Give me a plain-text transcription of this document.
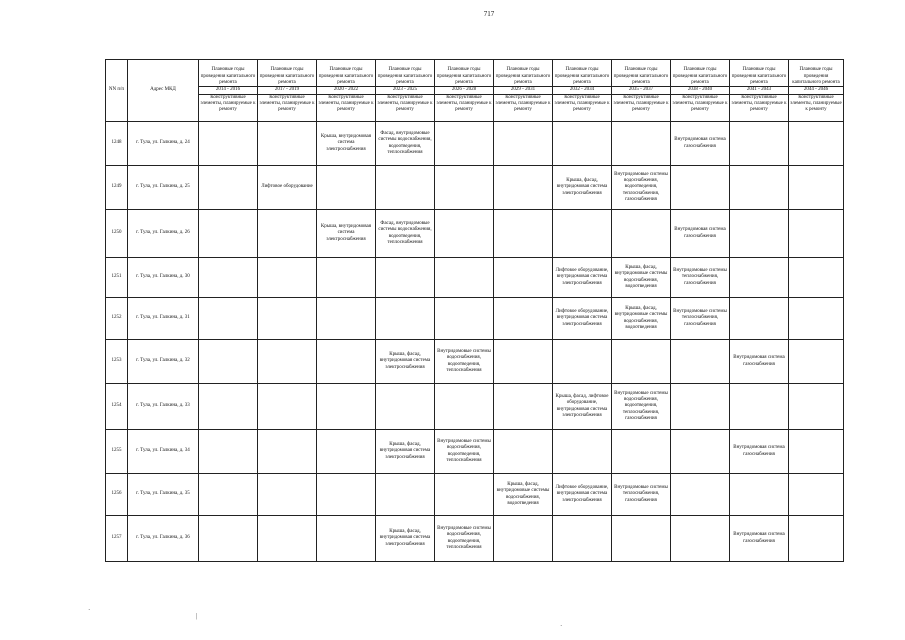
717
NN п/п	Адрес МКД	Плановые годы проведения капитального ремонта	Плановые годы проведения капитального ремонта	Плановые годы проведения капитального ремонта	Плановые годы проведения капитального ремонта	Плановые годы проведения капитального ремонта	Плановые годы проведения капитального ремонта	Плановые годы проведения капитального ремонта	Плановые годы проведения капитального ремонта	Плановые годы проведения капитального ремонта	Плановые годы проведения капитального ремонта	Плановые годы проведения капитального ремонта
		2014 - 2016	2017 - 2019	2020 - 2022	2023 - 2025	2026 - 2028	2029 - 2031	2032 - 2034	2035 - 2037	2038 - 2040	2041 - 2043	2044 - 2046
		Конструктивные элементы, планируемые к ремонту	Конструктивные элементы, планируемые к ремонту	Конструктивные элементы, планируемые к ремонту	Конструктивные элементы, планируемые к ремонту	Конструктивные элементы, планируемые к ремонту	Конструктивные элементы, планируемые к ремонту	Конструктивные элементы, планируемые к ремонту	Конструктивные элементы, планируемые к ремонту	Конструктивные элементы, планируемые к ремонту	Конструктивные элементы, планируемые к ремонту	Конструктивные элементы, планируемые к ремонту
1248	г. Тула, ул. Галкина, д. 24			Крыша, внутридомовая система электроснабжения	Фасад, внутридомовые системы водоснабжения, водоотведения, теплоснабжения					Внутридомовая система газоснабжения		
1249	г. Тула, ул. Галкина, д. 25		Лифтовое оборудование					Крыша, фасад, внутридомовая система электроснабжения	Внутридомовые системы водоснабжения, водоотведения, теплоснабжения, газоснабжения			
1250	г. Тула, ул. Галкина, д. 26			Крыша, внутридомовая система электроснабжения	Фасад, внутридомовые системы водоснабжения, водоотведения, теплоснабжения					Внутридомовая система газоснабжения		
1251	г. Тула, ул. Галкина, д. 30							Лифтовое оборудование, внутридомовая система электроснабжения	Крыша, фасад, внутридомовые системы водоснабжения, водоотведения	Внутридомовые системы теплоснабжения, газоснабжения		
1252	г. Тула, ул. Галкина, д. 31							Лифтовое оборудование, внутридомовая система электроснабжения	Крыша, фасад, внутридомовые системы водоснабжения, водоотведения	Внутридомовые системы теплоснабжения, газоснабжения		
1253	г. Тула, ул. Галкина, д. 32				Крыша, фасад, внутридомовая система электроснабжения	Внутридомовые системы водоснабжения, водоотведения, теплоснабжения					Внутридомовая система газоснабжения	
1254	г. Тула, ул. Галкина, д. 33							Крыша, фасад, лифтовое оборудование, внутридомовая система электроснабжения	Внутридомовые системы водоснабжения, водоотведения, теплоснабжения, газоснабжения			
1255	г. Тула, ул. Галкина, д. 34				Крыша, фасад, внутридомовая система электроснабжения	Внутридомовые системы водоснабжения, водоотведения, теплоснабжения					Внутридомовая система газоснабжения	
1256	г. Тула, ул. Галкина, д. 35						Крыша, фасад, внутридомовые системы водоснабжения, водоотведения	Лифтовое оборудование, внутридомовая система электроснабжения	Внутридомовые системы теплоснабжения, газоснабжения			
1257	г. Тула, ул. Галкина, д. 36				Крыша, фасад, внутридомовая система электроснабжения	Внутридомовые системы водоснабжения, водоотведения, теплоснабжения					Внутридомовая система газоснабжения	
·
|
·
